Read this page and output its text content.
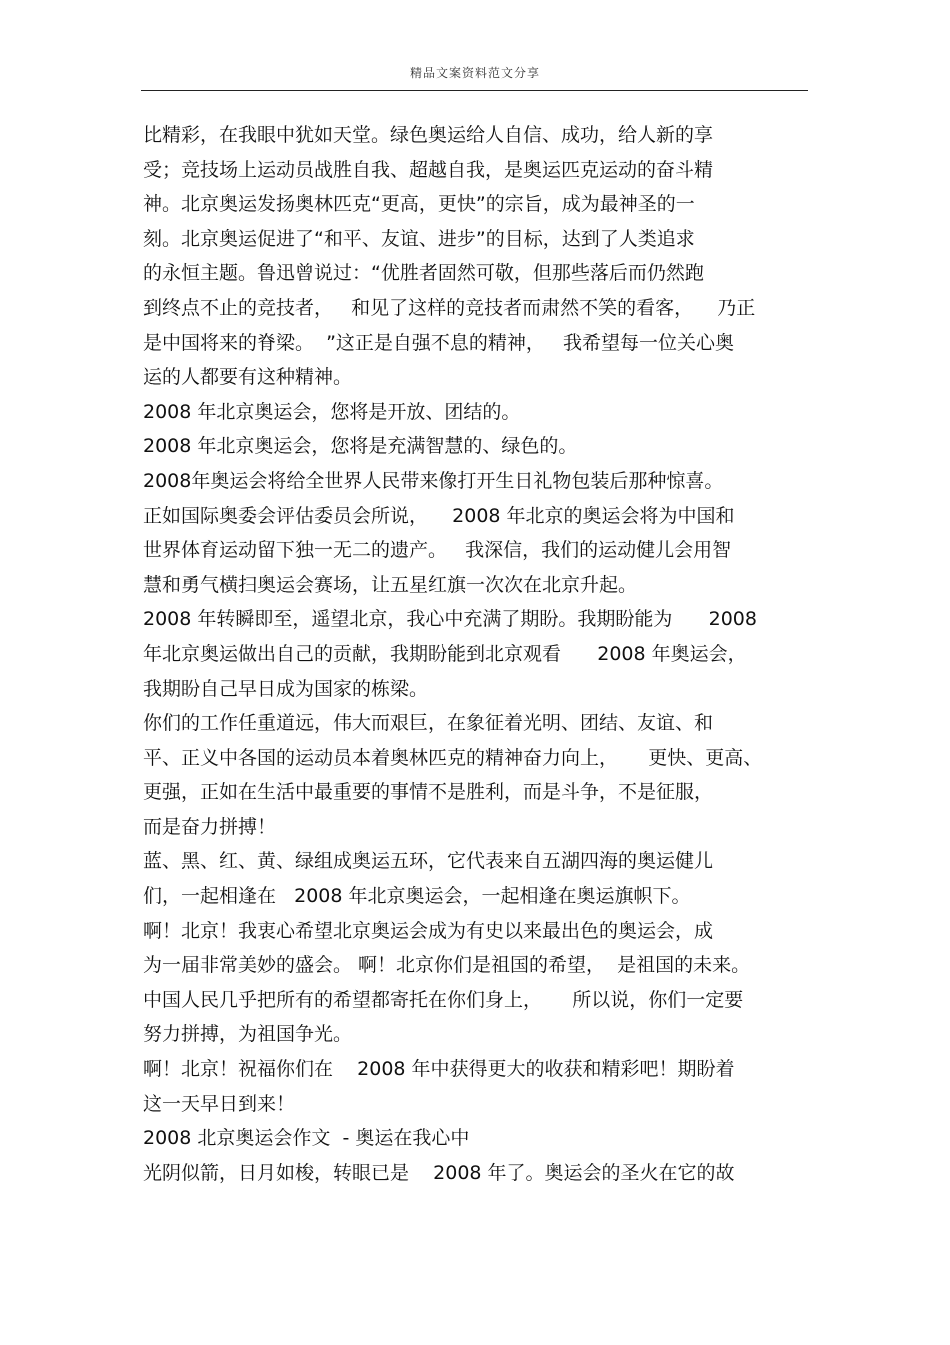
精品文案资料范文分享
比精彩，在我眼中犹如天堂。绿色奥运给人自信、成功，给人新的享
受；竞技场上运动员战胜自我、超越自我，是奥运匹克运动的奋斗精
神。北京奥运发扬奥林匹克“更高，更快”的宗旨，成为最神圣的一
刻。北京奥运促进了“和平、友谊、进步”的目标，达到了人类追求
的永恒主题。鲁迅曾说过：“优胜者固然可敬，但那些落后而仍然跑
到终点不止的竞技者，   和见了这样的竞技者而肃然不笑的看客，    乃正
是中国将来的脊梁。  ”这正是自强不息的精神，   我希望每一位关心奥
运的人都要有这种精神。
2008 年北京奥运会，您将是开放、团结的。
2008 年北京奥运会，您将是充满智慧的、绿色的。
2008年奥运会将给全世界人民带来像打开生日礼物包装后那种惊喜。
正如国际奥委会评估委员会所说，    2008 年北京的奥运会将为中国和
世界体育运动留下独一无二的遗产。   我深信，我们的运动健儿会用智
慧和勇气横扫奥运会赛场，让五星红旗一次次在北京升起。
2008 年转瞬即至，遥望北京，我心中充满了期盼。我期盼能为      2008
年北京奥运做出自己的贡献，我期盼能到北京观看      2008 年奥运会，
我期盼自己早日成为国家的栋梁。
你们的工作任重道远，伟大而艰巨，在象征着光明、团结、友谊、和
平、正义中各国的运动员本着奥林匹克的精神奋力向上，     更快、更高、
更强，正如在生活中最重要的事情不是胜利，而是斗争，不是征服，
而是奋力拼搏！
蓝、黑、红、黄、绿组成奥运五环，它代表来自五湖四海的奥运健儿
们，一起相逢在   2008 年北京奥运会，一起相逢在奥运旗帜下。
啊！北京！我衷心希望北京奥运会成为有史以来最出色的奥运会，成
为一届非常美妙的盛会。 啊！北京你们是祖国的希望，  是祖国的未来。
中国人民几乎把所有的希望都寄托在你们身上，     所以说，你们一定要
努力拼搏，为祖国争光。
啊！北京！祝福你们在    2008 年中获得更大的收获和精彩吧！期盼着
这一天早日到来！
2008 北京奥运会作文  - 奥运在我心中
光阴似箭，日月如梭，转眼已是    2008 年了。奥运会的圣火在它的故
